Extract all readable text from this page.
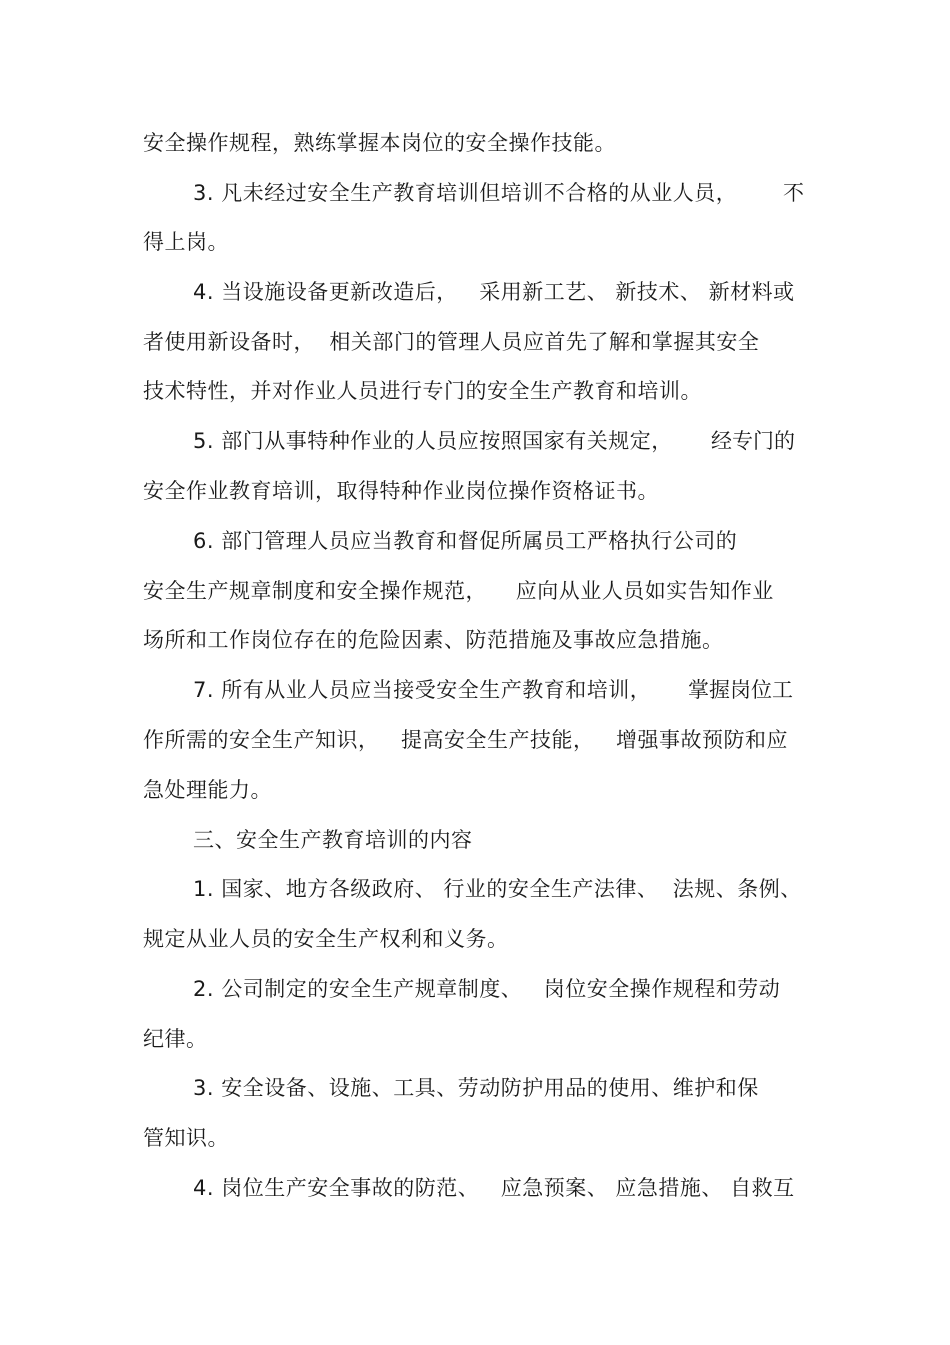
安全操作规程，熟练掌握本岗位的安全操作技能。
3. 凡未经过安全生产教育培训但培训不合格的从业人员， 不
得上岗。
4. 当设施设备更新改造后，   采用新工艺、 新技术、 新材料或
者使用新设备时，  相关部门的管理人员应首先了解和掌握其安全
技术特性，并对作业人员进行专门的安全生产教育和培训。
5. 部门从事特种作业的人员应按照国家有关规定， 经专门的
安全作业教育培训，取得特种作业岗位操作资格证书。
6. 部门管理人员应当教育和督促所属员工严格执行公司的
安全生产规章制度和安全操作规范，    应向从业人员如实告知作业
场所和工作岗位存在的危险因素、防范措施及事故应急措施。
7. 所有从业人员应当接受安全生产教育和培训， 掌握岗位工
作所需的安全生产知识，   提高安全生产技能，   增强事故预防和应
急处理能力。
三、安全生产教育培训的内容
1. 国家、地方各级政府、 行业的安全生产法律、  法规、条例、
规定从业人员的安全生产权利和义务。
2. 公司制定的安全生产规章制度、   岗位安全操作规程和劳动
纪律。
3. 安全设备、设施、工具、劳动防护用品的使用、维护和保
管知识。
4. 岗位生产安全事故的防范、   应急预案、 应急措施、 自救互
